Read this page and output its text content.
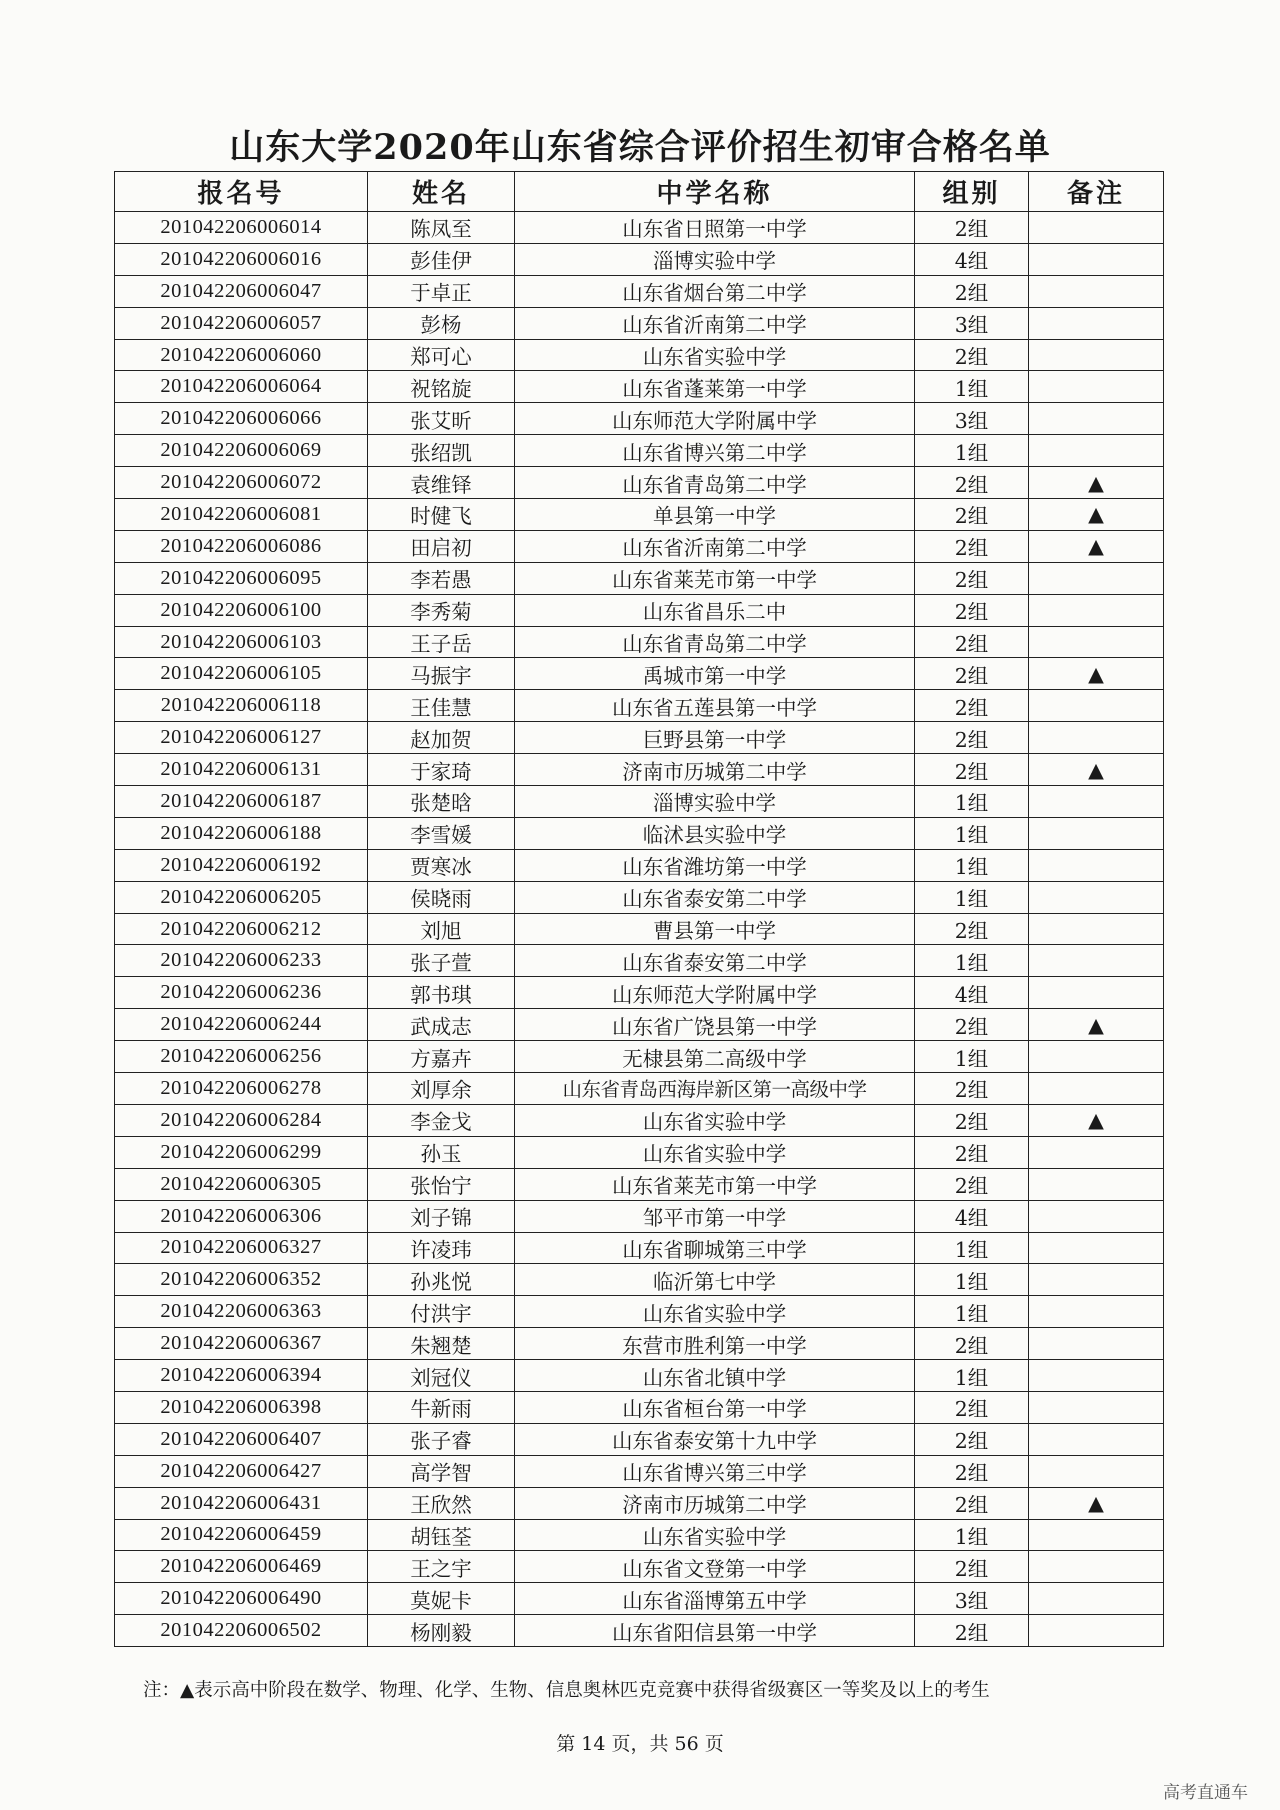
山东大学2020年山东省综合评价招生初审合格名单
报名号	姓名	中学名称	组别	备注
201042206006014	陈凤至	山东省日照第一中学	2组	
201042206006016	彭佳伊	淄博实验中学	4组	
201042206006047	于卓正	山东省烟台第二中学	2组	
201042206006057	彭杨	山东省沂南第二中学	3组	
201042206006060	郑可心	山东省实验中学	2组	
201042206006064	祝铭旋	山东省蓬莱第一中学	1组	
201042206006066	张艾昕	山东师范大学附属中学	3组	
201042206006069	张绍凯	山东省博兴第二中学	1组	
201042206006072	袁维铎	山东省青岛第二中学	2组	▲
201042206006081	时健飞	单县第一中学	2组	▲
201042206006086	田启初	山东省沂南第二中学	2组	▲
201042206006095	李若愚	山东省莱芜市第一中学	2组	
201042206006100	李秀菊	山东省昌乐二中	2组	
201042206006103	王子岳	山东省青岛第二中学	2组	
201042206006105	马振宇	禹城市第一中学	2组	▲
201042206006118	王佳慧	山东省五莲县第一中学	2组	
201042206006127	赵加贺	巨野县第一中学	2组	
201042206006131	于家琦	济南市历城第二中学	2组	▲
201042206006187	张楚晗	淄博实验中学	1组	
201042206006188	李雪媛	临沭县实验中学	1组	
201042206006192	贾寒冰	山东省潍坊第一中学	1组	
201042206006205	侯晓雨	山东省泰安第二中学	1组	
201042206006212	刘旭	曹县第一中学	2组	
201042206006233	张子萱	山东省泰安第二中学	1组	
201042206006236	郭书琪	山东师范大学附属中学	4组	
201042206006244	武成志	山东省广饶县第一中学	2组	▲
201042206006256	方嘉卉	无棣县第二高级中学	1组	
201042206006278	刘厚余	山东省青岛西海岸新区第一高级中学	2组	
201042206006284	李金戈	山东省实验中学	2组	▲
201042206006299	孙玉	山东省实验中学	2组	
201042206006305	张怡宁	山东省莱芜市第一中学	2组	
201042206006306	刘子锦	邹平市第一中学	4组	
201042206006327	许凌玮	山东省聊城第三中学	1组	
201042206006352	孙兆悦	临沂第七中学	1组	
201042206006363	付洪宇	山东省实验中学	1组	
201042206006367	朱翘楚	东营市胜利第一中学	2组	
201042206006394	刘冠仪	山东省北镇中学	1组	
201042206006398	牛新雨	山东省桓台第一中学	2组	
201042206006407	张子睿	山东省泰安第十九中学	2组	
201042206006427	高学智	山东省博兴第三中学	2组	
201042206006431	王欣然	济南市历城第二中学	2组	▲
201042206006459	胡钰荃	山东省实验中学	1组	
201042206006469	王之宇	山东省文登第一中学	2组	
201042206006490	莫妮卡	山东省淄博第五中学	3组	
201042206006502	杨刚毅	山东省阳信县第一中学	2组	
注：▲表示高中阶段在数学、物理、化学、生物、信息奥林匹克竞赛中获得省级赛区一等奖及以上的考生
第 14 页，共 56 页
高考直通车
